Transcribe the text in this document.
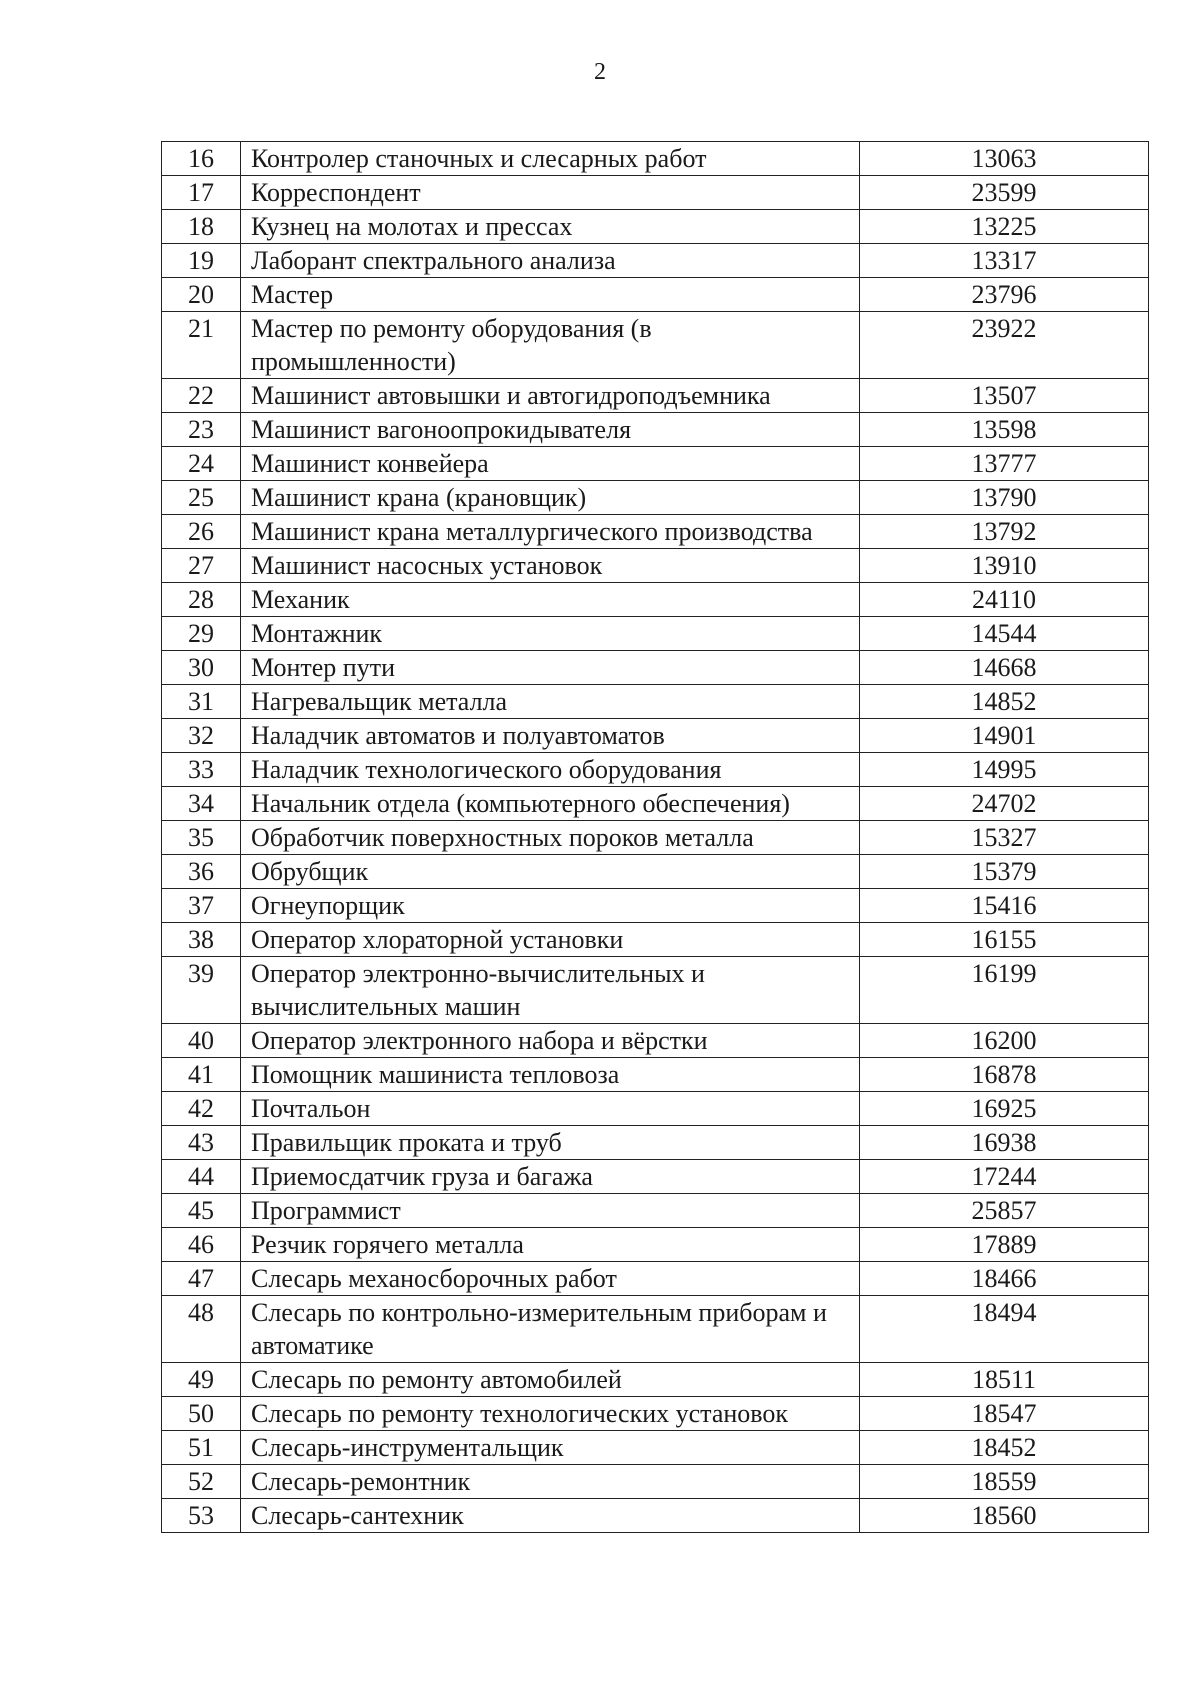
2
16	Контролер станочных и слесарных работ	13063
17	Корреспондент	23599
18	Кузнец на молотах и прессах	13225
19	Лаборант спектрального анализа	13317
20	Мастер	23796
21	Мастер по ремонту оборудования (в промышленности)	23922
22	Машинист автовышки и автогидроподъемника	13507
23	Машинист вагоноопрокидывателя	13598
24	Машинист конвейера	13777
25	Машинист крана (крановщик)	13790
26	Машинист крана металлургического производства	13792
27	Машинист насосных установок	13910
28	Механик	24110
29	Монтажник	14544
30	Монтер пути	14668
31	Нагревальщик металла	14852
32	Наладчик автоматов и полуавтоматов	14901
33	Наладчик технологического оборудования	14995
34	Начальник отдела (компьютерного обеспечения)	24702
35	Обработчик поверхностных пороков металла	15327
36	Обрубщик	15379
37	Огнеупорщик	15416
38	Оператор хлораторной установки	16155
39	Оператор электронно-вычислительных и вычислительных машин	16199
40	Оператор электронного набора и вёрстки	16200
41	Помощник машиниста тепловоза	16878
42	Почтальон	16925
43	Правильщик проката и труб	16938
44	Приемосдатчик груза и багажа	17244
45	Программист	25857
46	Резчик горячего металла	17889
47	Слесарь механосборочных работ	18466
48	Слесарь по контрольно-измерительным приборам и автоматике	18494
49	Слесарь по ремонту автомобилей	18511
50	Слесарь по ремонту технологических установок	18547
51	Слесарь-инструментальщик	18452
52	Слесарь-ремонтник	18559
53	Слесарь-сантехник	18560
